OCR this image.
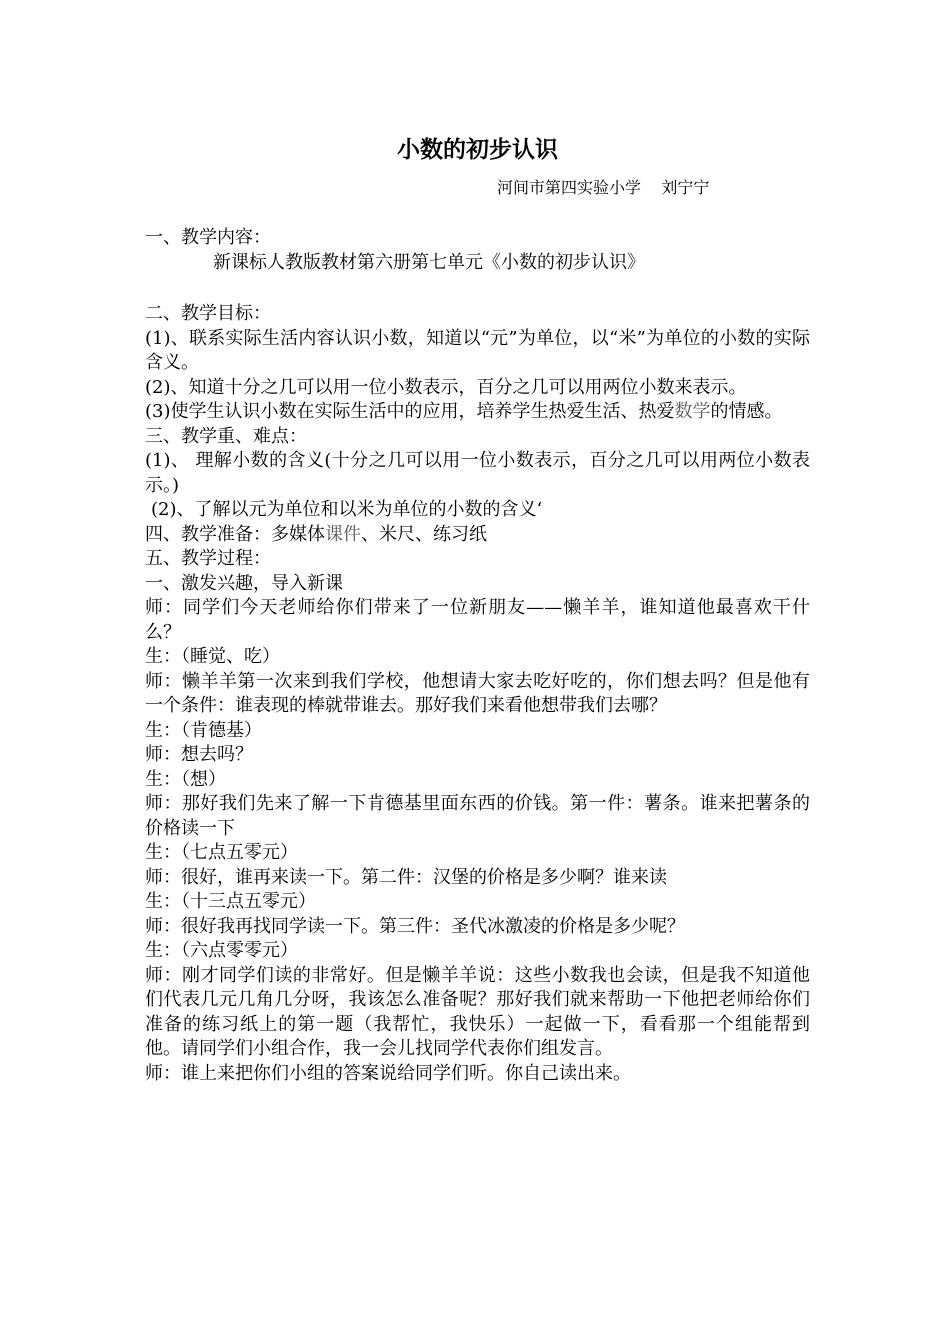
小数的初步认识
河间市第四实验小学    刘宁宁
一、教学内容：
新课标人教版教材第六册第七单元《小数的初步认识》
二、教学目标：
(1)、联系实际生活内容认识小数，知道以“元”为单位，以“米”为单位的小数的实际含义。
(2)、知道十分之几可以用一位小数表示，百分之几可以用两位小数来表示。
(3)使学生认识小数在实际生活中的应用，培养学生热爱生活、热爱数学的情感。
三、教学重、难点：
(1)、 理解小数的含义(十分之几可以用一位小数表示，百分之几可以用两位小数表示。)
(2)、了解以元为单位和以米为单位的小数的含义‘
四、教学准备：多媒体课件、米尺、练习纸
五、教学过程：
一、激发兴趣，导入新课
师：同学们今天老师给你们带来了一位新朋友——懒羊羊，谁知道他最喜欢干什么？
生：（睡觉、吃）
师：懒羊羊第一次来到我们学校，他想请大家去吃好吃的，你们想去吗？但是他有一个条件：谁表现的棒就带谁去。那好我们来看他想带我们去哪？
生：（肯德基）
师：想去吗？
生：（想）
师：那好我们先来了解一下肯德基里面东西的价钱。第一件：薯条。谁来把薯条的价格读一下
生：（七点五零元）
师：很好，谁再来读一下。第二件：汉堡的价格是多少啊？谁来读
生：（十三点五零元）
师：很好我再找同学读一下。第三件：圣代冰激凌的价格是多少呢？
生：（六点零零元）
师：刚才同学们读的非常好。但是懒羊羊说：这些小数我也会读，但是我不知道他们代表几元几角几分呀，我该怎么准备呢？那好我们就来帮助一下他把老师给你们准备的练习纸上的第一题（我帮忙，我快乐）一起做一下，看看那一个组能帮到他。请同学们小组合作，我一会儿找同学代表你们组发言。
师：谁上来把你们小组的答案说给同学们听。你自己读出来。
